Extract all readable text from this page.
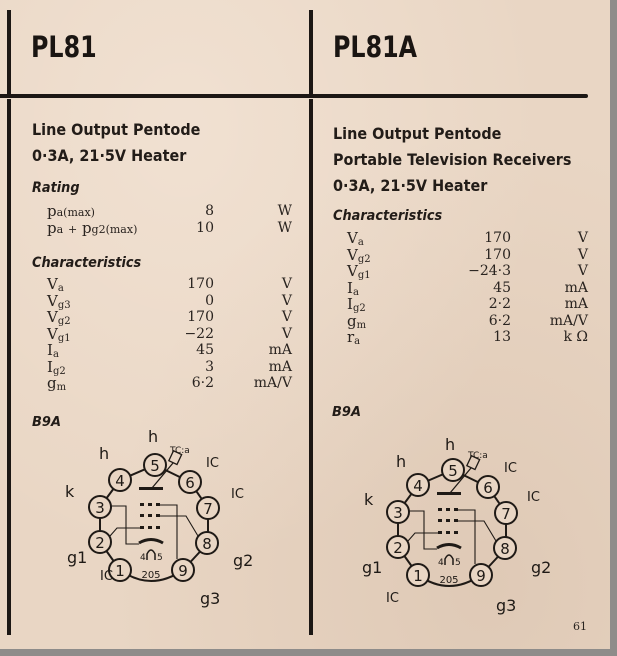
PL81	PL81A
Line Output Pentode
0·3A, 21·5V Heater
Rating
pa(max)	8	W
pa + pg2(max)	10	W
Characteristics
$V_a$	170	V
$V_{g3}$	0	V
$V_{g2}$	170	V
$V_{g1}$	−22	V
$I_a$	45	mA
$I_{g2}$	3	mA
$g_m$	6·2	mA/V
B9A
Line Output Pentode
Portable Television Receivers
0·3A, 21·5V Heater
Characteristics
$V_a$	170	V
$V_{g2}$	170	V
$V_{g1}$	−24·3	V
$I_a$	45	mA
$I_{g2}$	2·2	mA
$g_m$	6·2	mA/V
$r_a$	13	k Ω
B9A
1
2
3
4
5
6
7
8
9
4 5
205
TC:a
IC
g1
k
h
h
IC
IC
g2
g3
1
2
3
4
5
6
7
8
9
4 5
205
TC:a
IC
g1
k
h
h
IC
IC
g2
g3
61
